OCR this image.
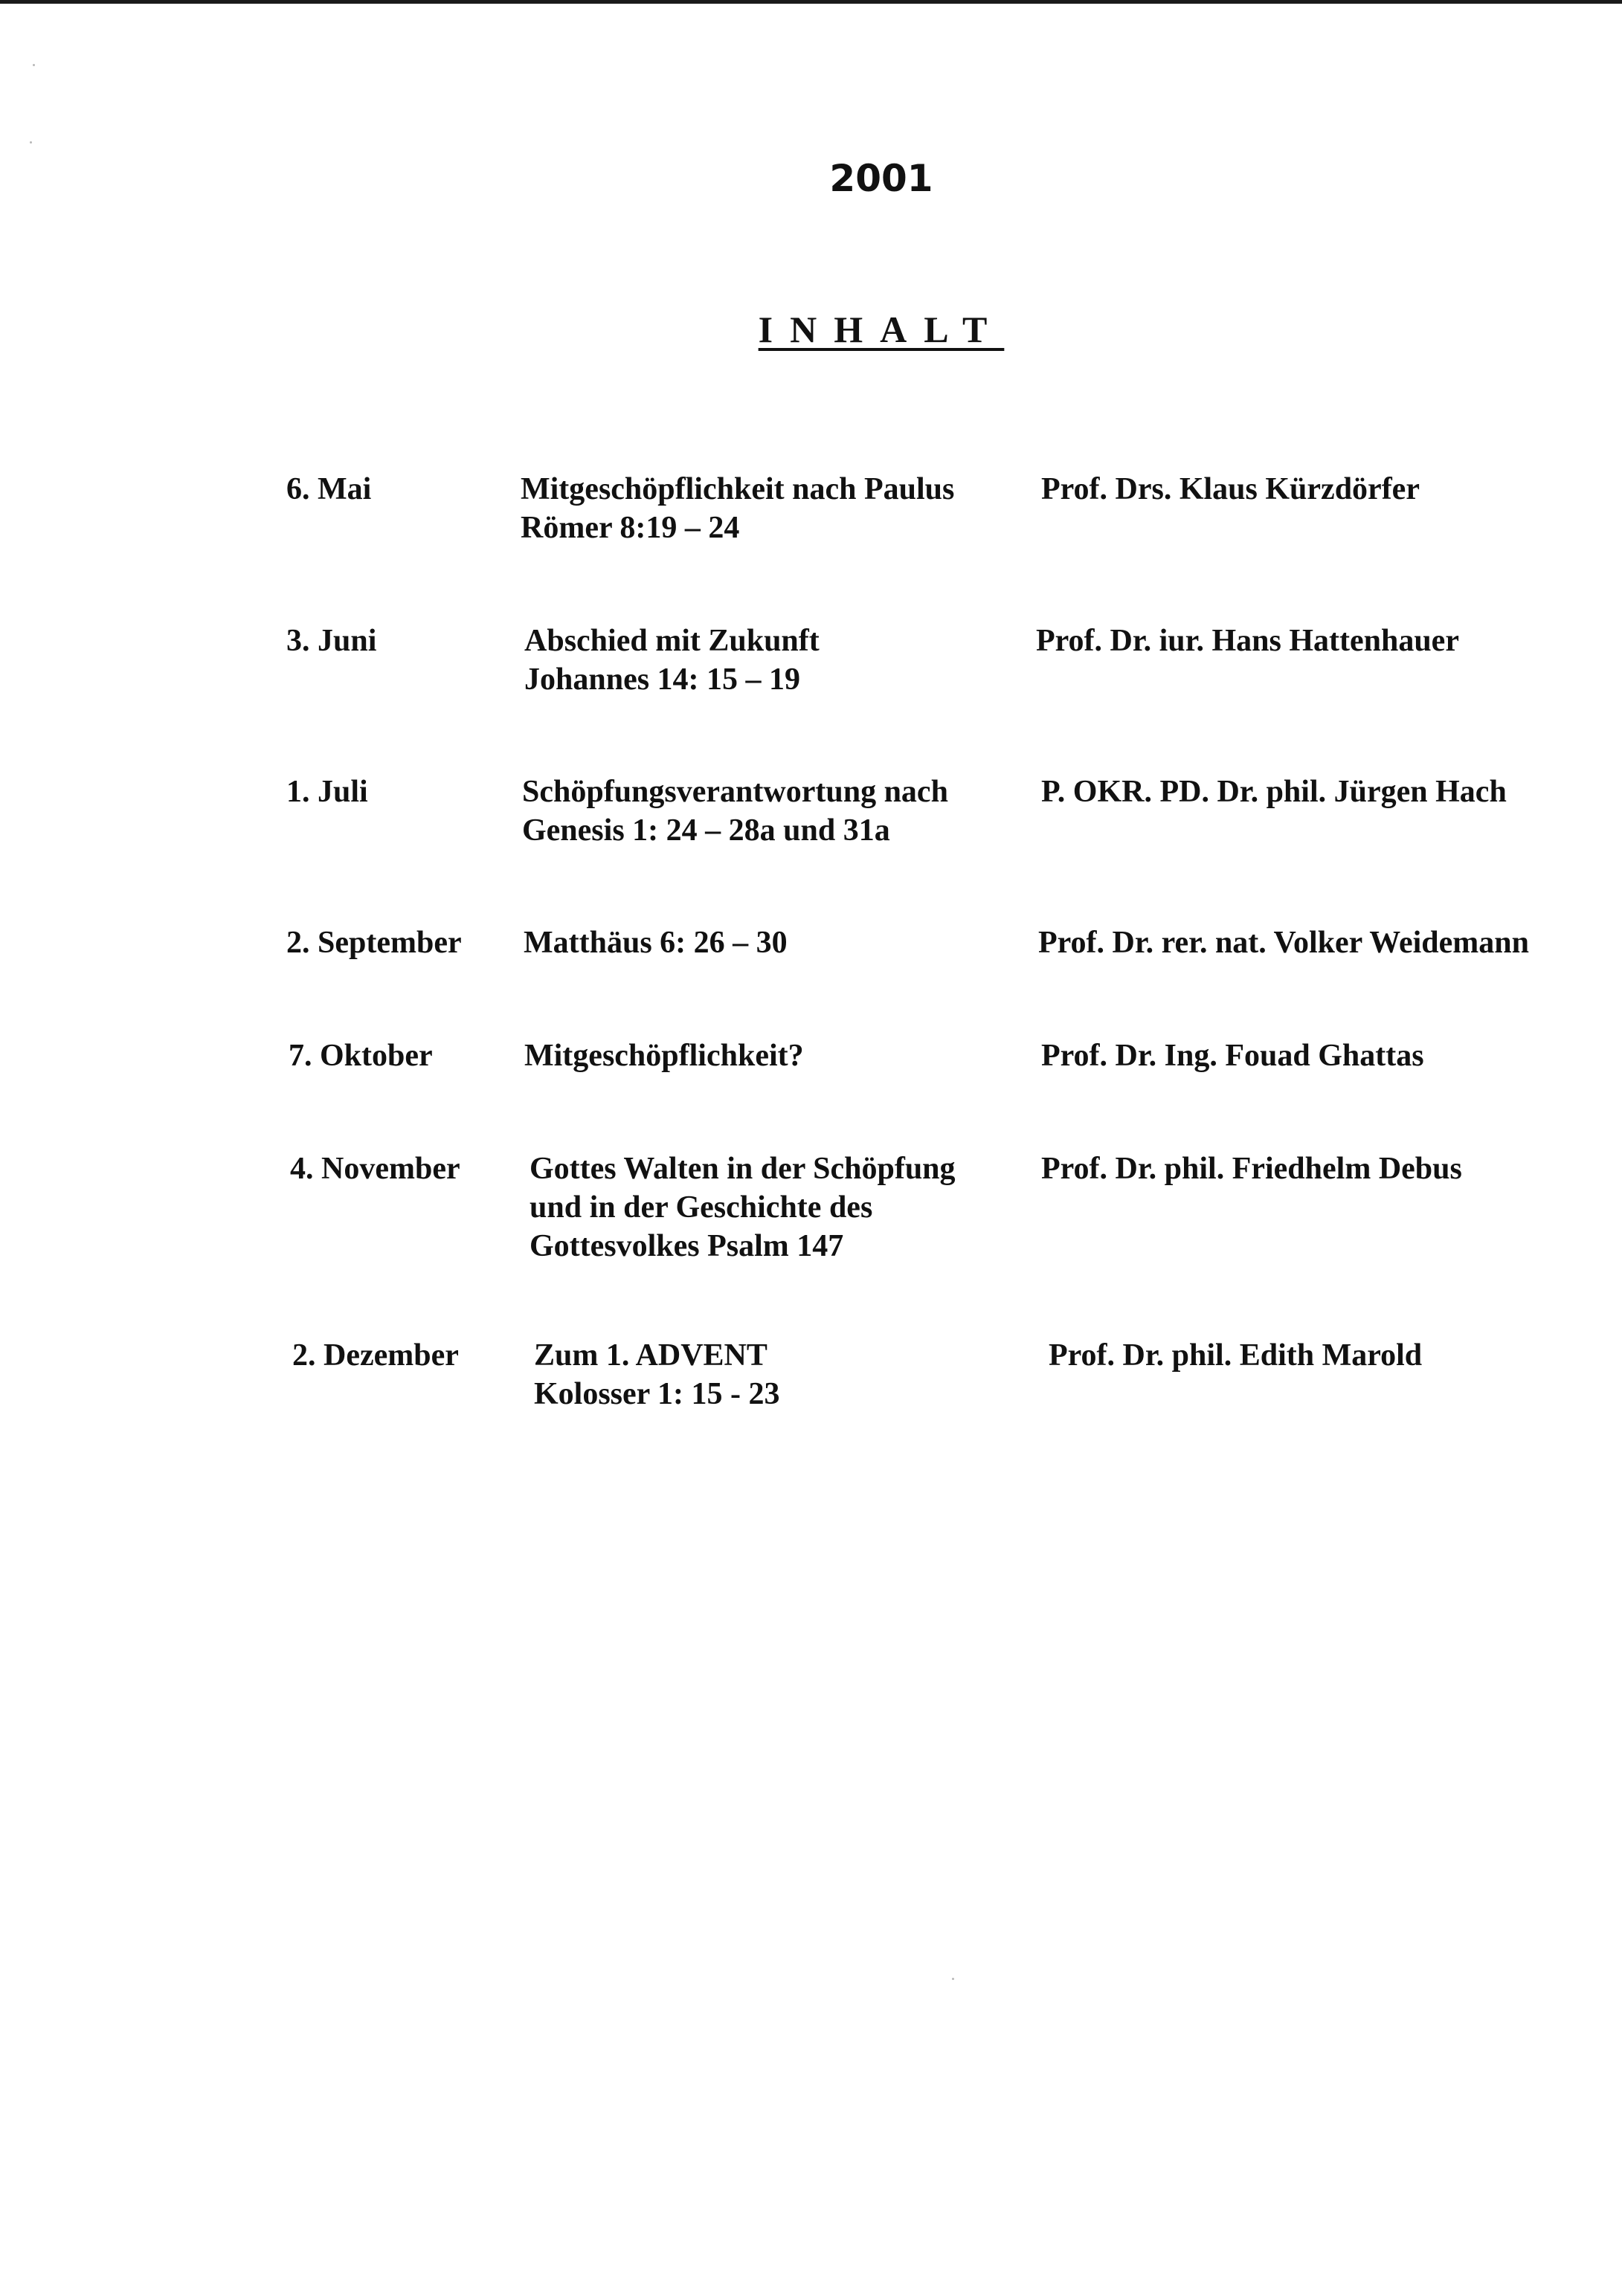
2001
INHALT
6. Mai	Mitgeschöpflichkeit nach Paulus
Römer 8:19 – 24
Prof. Drs. Klaus Kürzdörfer
3. Juni	Abschied mit Zukunft
Johannes 14: 15 – 19
Prof. Dr. iur. Hans Hattenhauer
1. Juli	Schöpfungsverantwortung nach
Genesis 1: 24 – 28a und 31a
P. OKR. PD. Dr. phil. Jürgen Hach
2. September Matthäus 6: 26 – 30	Prof. Dr. rer. nat. Volker Weidemann
7. Oktober	Mitgeschöpflichkeit?	Prof. Dr. Ing. Fouad Ghattas
4. November Gottes Walten in der Schöpfung
und in der Geschichte des
Gottesvolkes Psalm 147
Prof. Dr. phil. Friedhelm Debus
2. Dezember Zum 1. ADVENT
Kolosser 1: 15 - 23
Prof. Dr. phil. Edith Marold
